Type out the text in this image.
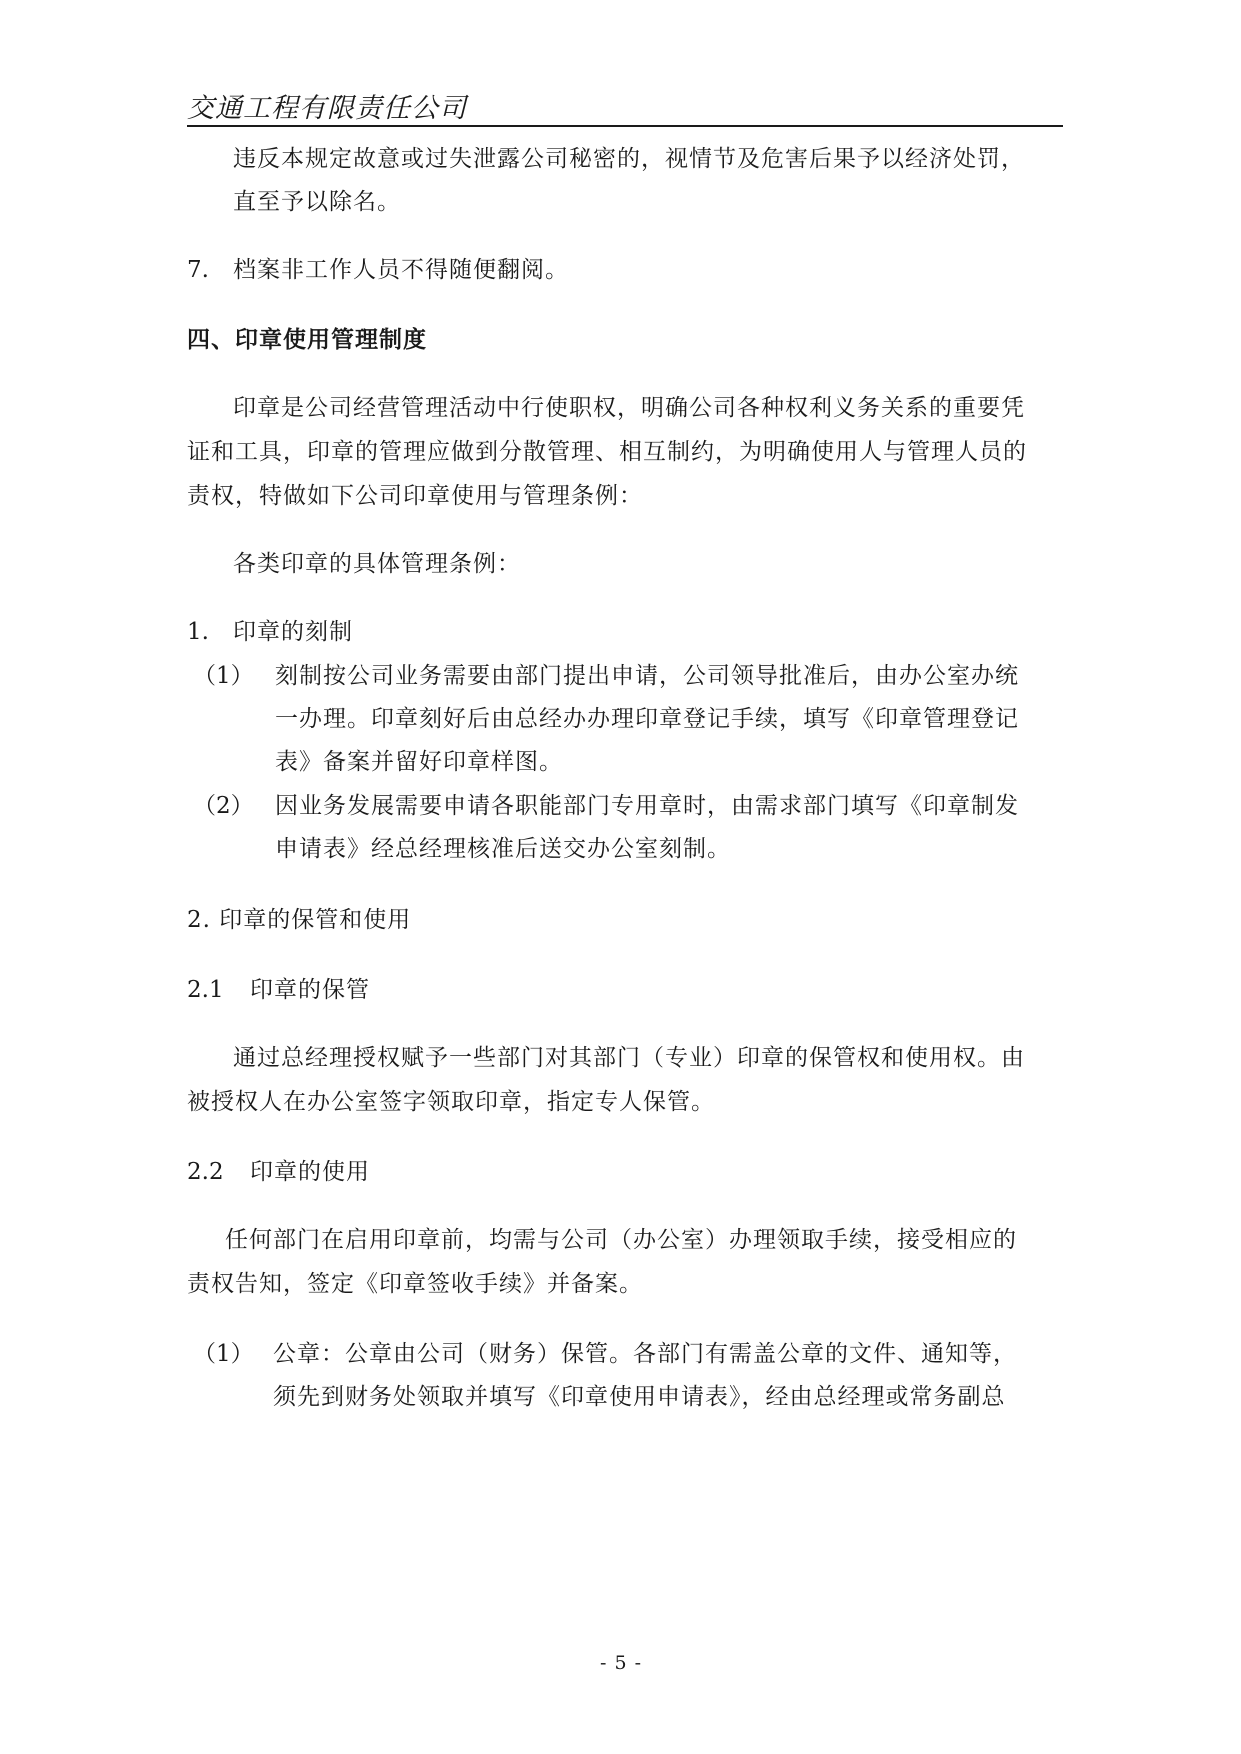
交通工程有限责任公司
违反本规定故意或过失泄露公司秘密的，视情节及危害后果予以经济处罚，
直至予以除名。
7. 档案非工作人员不得随便翻阅。
四、印章使用管理制度
印章是公司经营管理活动中行使职权，明确公司各种权利义务关系的重要凭
证和工具，印章的管理应做到分散管理、相互制约，为明确使用人与管理人员的
责权，特做如下公司印章使用与管理条例：
各类印章的具体管理条例：
1. 印章的刻制
（1） 刻制按公司业务需要由部门提出申请，公司领导批准后，由办公室办统
一办理。印章刻好后由总经办办理印章登记手续，填写《印章管理登记
表》备案并留好印章样图。
（2） 因业务发展需要申请各职能部门专用章时，由需求部门填写《印章制发
申请表》经总经理核准后送交办公室刻制。
2. 印章的保管和使用
2.1 印章的保管
通过总经理授权赋予一些部门对其部门（专业）印章的保管权和使用权。由
被授权人在办公室签字领取印章，指定专人保管。
2.2 印章的使用
任何部门在启用印章前，均需与公司（办公室）办理领取手续，接受相应的
责权告知，签定《印章签收手续》并备案。
（1） 公章：公章由公司（财务）保管。各部门有需盖公章的文件、通知等，
须先到财务处领取并填写《印章使用申请表》，经由总经理或常务副总
- 5 -
